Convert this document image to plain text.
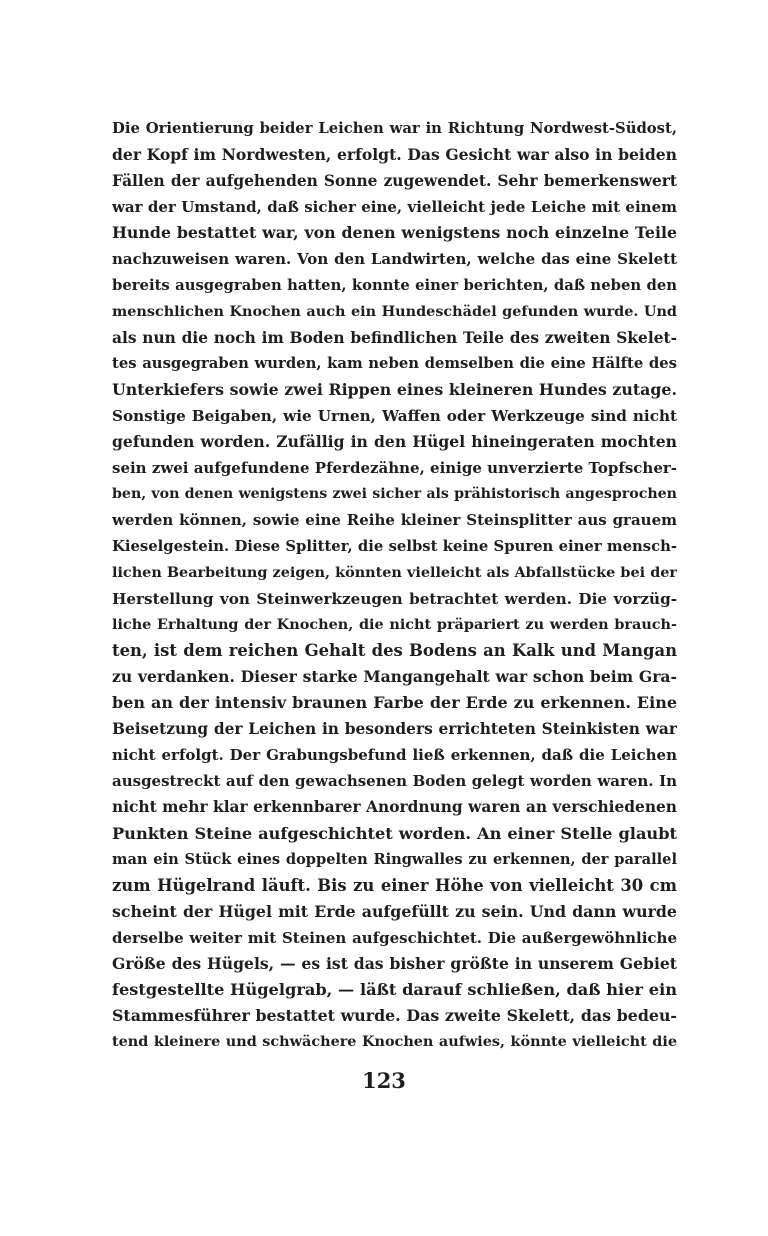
Die Orientierung beider Leichen war in Richtung Nordwest-Südost,
der Kopf im Nordwesten, erfolgt. Das Gesicht war also in beiden
Fällen der aufgehenden Sonne zugewendet. Sehr bemerkenswert
war der Umstand, daß sicher eine, vielleicht jede Leiche mit einem
Hunde bestattet war, von denen wenigstens noch einzelne Teile
nachzuweisen waren. Von den Landwirten, welche das eine Skelett
bereits ausgegraben hatten, konnte einer berichten, daß neben den
menschlichen Knochen auch ein Hundeschädel gefunden wurde. Und
als nun die noch im Boden befindlichen Teile des zweiten Skelet-
tes ausgegraben wurden, kam neben demselben die eine Hälfte des
Unterkiefers sowie zwei Rippen eines kleineren Hundes zutage.
Sonstige Beigaben, wie Urnen, Waffen oder Werkzeuge sind nicht
gefunden worden. Zufällig in den Hügel hineingeraten mochten
sein zwei aufgefundene Pferdezähne, einige unverzierte Topfscher-
ben, von denen wenigstens zwei sicher als prähistorisch angesprochen
werden können, sowie eine Reihe kleiner Steinsplitter aus grauem
Kieselgestein. Diese Splitter, die selbst keine Spuren einer mensch-
lichen Bearbeitung zeigen, könnten vielleicht als Abfallstücke bei der
Herstellung von Steinwerkzeugen betrachtet werden. Die vorzüg-
liche Erhaltung der Knochen, die nicht präpariert zu werden brauch-
ten, ist dem reichen Gehalt des Bodens an Kalk und Mangan
zu verdanken. Dieser starke Mangangehalt war schon beim Gra-
ben an der intensiv braunen Farbe der Erde zu erkennen. Eine
Beisetzung der Leichen in besonders errichteten Steinkisten war
nicht erfolgt. Der Grabungsbefund ließ erkennen, daß die Leichen
ausgestreckt auf den gewachsenen Boden gelegt worden waren. In
nicht mehr klar erkennbarer Anordnung waren an verschiedenen
Punkten Steine aufgeschichtet worden. An einer Stelle glaubt
man ein Stück eines doppelten Ringwalles zu erkennen, der parallel
zum Hügelrand läuft. Bis zu einer Höhe von vielleicht 30 cm
scheint der Hügel mit Erde aufgefüllt zu sein. Und dann wurde
derselbe weiter mit Steinen aufgeschichtet. Die außergewöhnliche
Größe des Hügels, — es ist das bisher größte in unserem Gebiet
festgestellte Hügelgrab, — läßt darauf schließen, daß hier ein
Stammesführer bestattet wurde. Das zweite Skelett, das bedeu-
tend kleinere und schwächere Knochen aufwies, könnte vielleicht die
123
